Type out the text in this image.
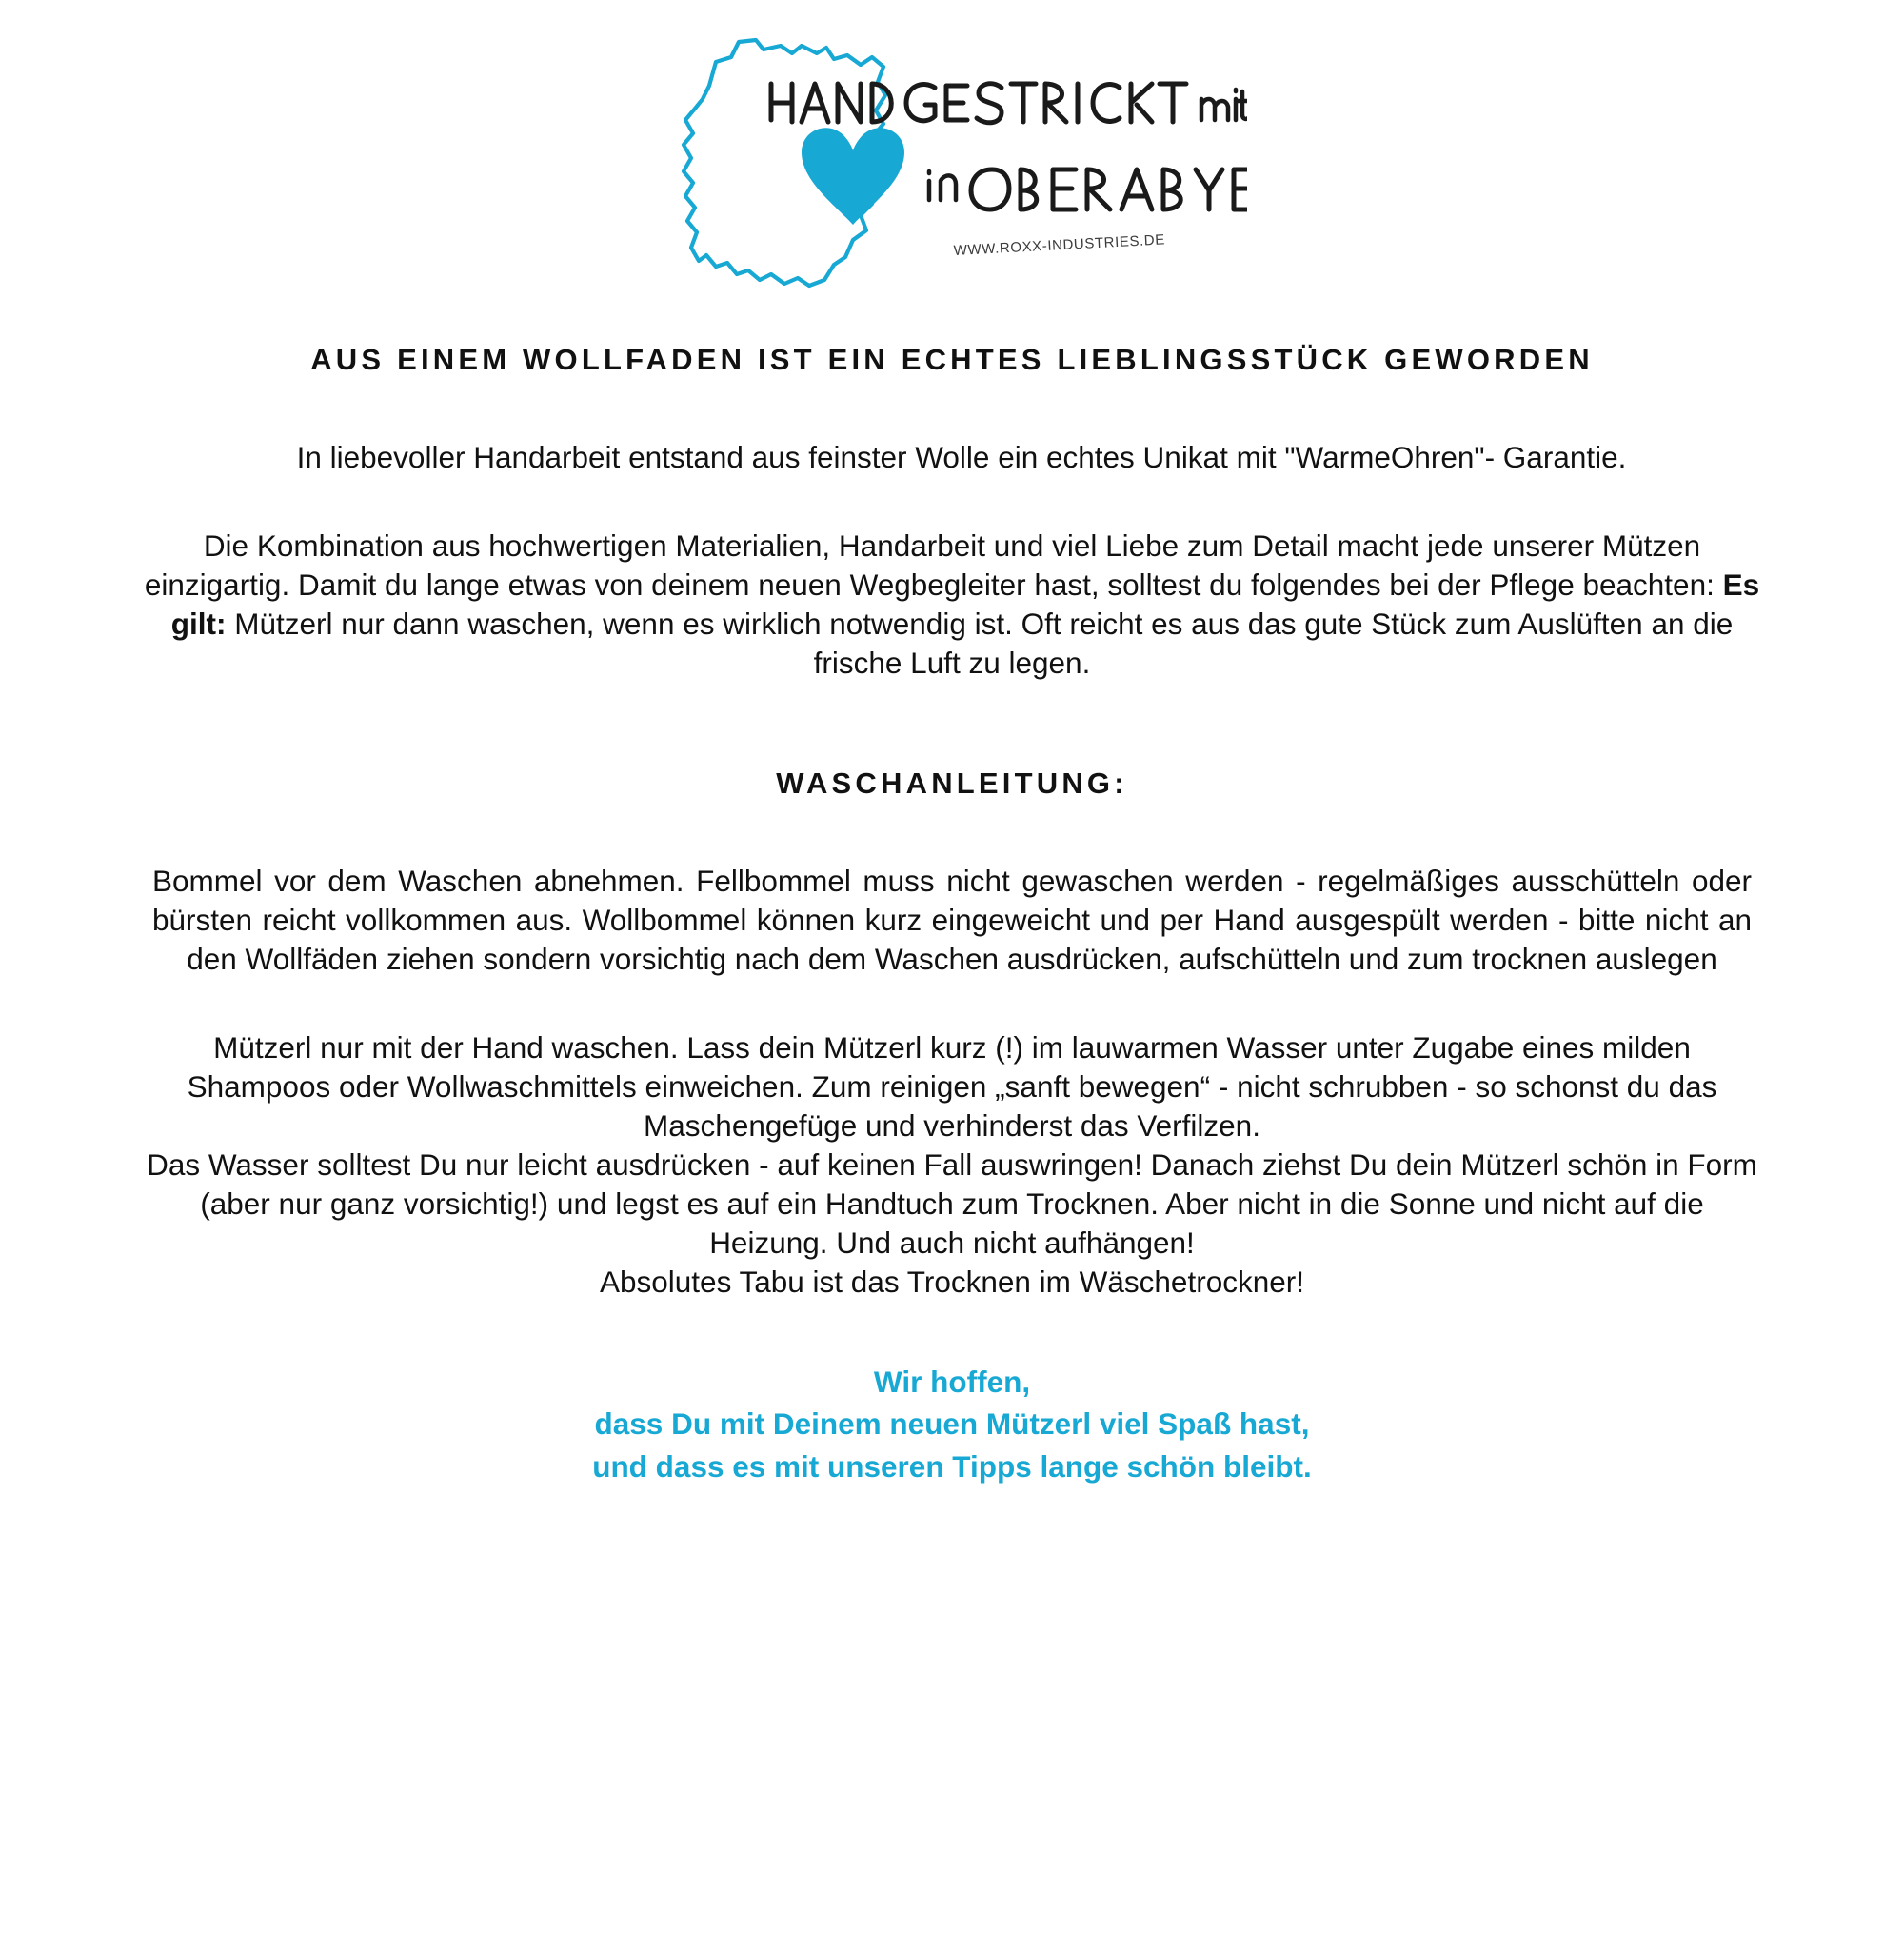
WWW.ROXX-INDUSTRIES.DE
AUS EINEM WOLLFADEN IST EIN ECHTES LIEBLINGSSTÜCK GEWORDEN

In liebevoller Handarbeit entstand aus feinster Wolle ein echtes Unikat mit "WarmeOhren"- Garantie.

Die Kombination aus hochwertigen Materialien, Handarbeit und viel Liebe zum Detail macht jede unserer Mützen einzigartig. Damit du lange etwas von deinem neuen Wegbegleiter hast, solltest du folgendes bei der Pflege beachten: Es gilt: Mützerl nur dann waschen, wenn es wirklich notwendig ist. Oft reicht es aus das gute Stück zum Auslüften an die frische Luft zu legen.

WASCHANLEITUNG:

Bommel vor dem Waschen abnehmen. Fellbommel muss nicht gewaschen werden - regelmäßiges ausschütteln oder bürsten reicht vollkommen aus. Wollbommel können kurz eingeweicht und per Hand ausgespült werden - bitte nicht an den Wollfäden ziehen sondern vorsichtig nach dem Waschen ausdrücken, aufschütteln und zum trocknen auslegen

Mützerl nur mit der Hand waschen. Lass dein Mützerl kurz (!) im lauwarmen Wasser unter Zugabe eines milden Shampoos oder Wollwaschmittels einweichen. Zum reinigen „sanft bewegen“ - nicht schrubben - so schonst du das Maschengefüge und verhinderst das Verfilzen.

Das Wasser solltest Du nur leicht ausdrücken - auf keinen Fall auswringen! Danach ziehst Du dein Mützerl schön in Form (aber nur ganz vorsichtig!) und legst es auf ein Handtuch zum Trocknen. Aber nicht in die Sonne und nicht auf die Heizung. Und auch nicht aufhängen!

Absolutes Tabu ist das Trocknen im Wäschetrockner!

Wir hoffen,

dass Du mit Deinem neuen Mützerl viel Spaß hast,

und dass es mit unseren Tipps lange schön bleibt.
